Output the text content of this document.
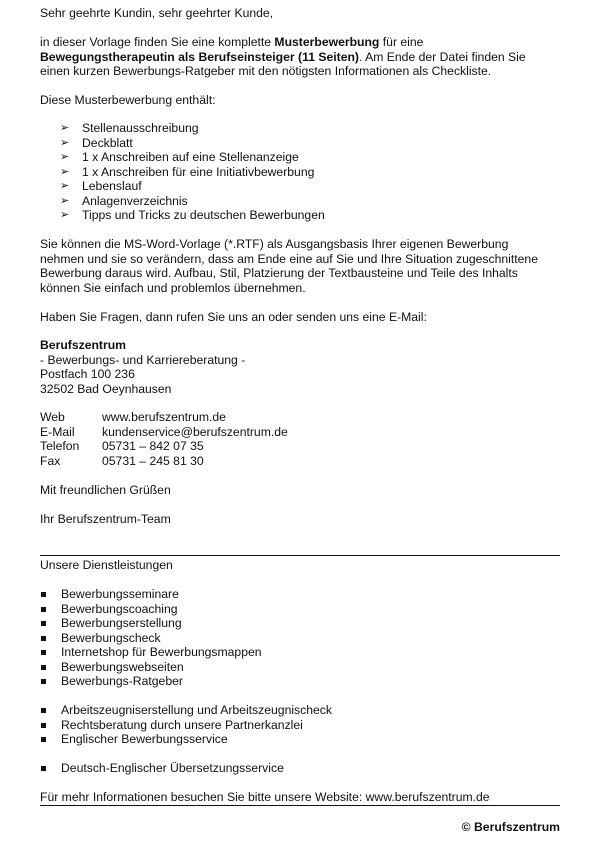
Sehr geehrte Kundin, sehr geehrter Kunde,

in dieser Vorlage finden Sie eine komplette Musterbewerbung für eine

Bewegungstherapeutin als Berufseinsteiger (11 Seiten). Am Ende der Datei finden Sie

einen kurzen Bewerbungs-Ratgeber mit den nötigsten Informationen als Checkliste.

Diese Musterbewerbung enthält:

➢ Stellenausschreibung
➢ Deckblatt
➢ 1 x Anschreiben auf eine Stellenanzeige
➢ 1 x Anschreiben für eine Initiativbewerbung
➢ Lebenslauf
➢ Anlagenverzeichnis
➢ Tipps und Tricks zu deutschen Bewerbungen

Sie können die MS-Word-Vorlage (*.RTF) als Ausgangsbasis Ihrer eigenen Bewerbung

nehmen und sie so verändern, dass am Ende eine auf Sie und Ihre Situation zugeschnittene

Bewerbung daraus wird. Aufbau, Stil, Platzierung der Textbausteine und Teile des Inhalts

können Sie einfach und problemlos übernehmen.

Haben Sie Fragen, dann rufen Sie uns an oder senden uns eine E-Mail:

Berufszentrum

- Bewerbungs- und Karriereberatung -

Postfach 100 236

32502 Bad Oeynhausen

Web	www.berufszentrum.de
E-Mail	kundenservice@berufszentrum.de
Telefon	05731 – 842 07 35
Fax	05731 – 245 81 30

Mit freundlichen Grüßen

Ihr Berufszentrum-Team

Unsere Dienstleistungen

Bewerbungsseminare
Bewerbungscoaching
Bewerbungserstellung
Bewerbungscheck
Internetshop für Bewerbungsmappen
Bewerbungswebseiten
Bewerbungs-Ratgeber
Arbeitszeugniserstellung und Arbeitszeugnischeck
Rechtsberatung durch unsere Partnerkanzlei
Englischer Bewerbungsservice
Deutsch-Englischer Übersetzungsservice

Für mehr Informationen besuchen Sie bitte unsere Website: www.berufszentrum.de

© Berufszentrum
